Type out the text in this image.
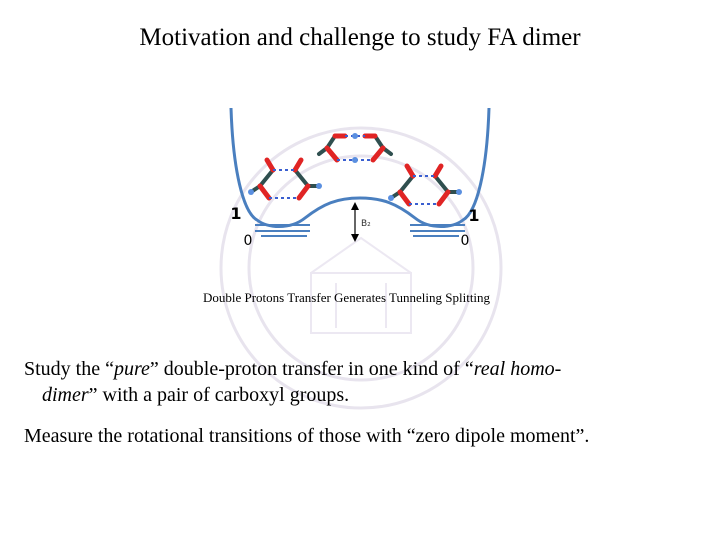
Motivation and challenge to study FA dimer
B₂
1
0
1
0
Double Protons Transfer Generates Tunneling Splitting
Study the “pure” double-proton transfer in one kind of “real homo-
dimer” with a pair of carboxyl groups.
Measure the rotational transitions of those with “zero dipole moment”.
